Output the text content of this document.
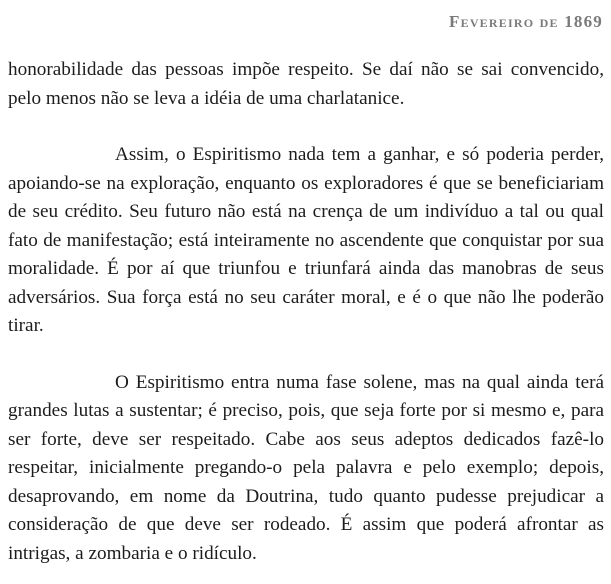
Fevereiro de 1869

honorabilidade das pessoas impõe respeito. Se daí não se sai convencido, pelo menos não se leva a idéia de uma charlatanice.

Assim, o Espiritismo nada tem a ganhar, e só poderia perder, apoiando-se na exploração, enquanto os exploradores é que se beneficiariam de seu crédito. Seu futuro não está na crença de um indivíduo a tal ou qual fato de manifestação; está inteiramente no ascendente que conquistar por sua moralidade. É por aí que triunfou e triunfará ainda das manobras de seus adversários. Sua força está no seu caráter moral, e é o que não lhe poderão tirar.

O Espiritismo entra numa fase solene, mas na qual ainda terá grandes lutas a sustentar; é preciso, pois, que seja forte por si mesmo e, para ser forte, deve ser respeitado. Cabe aos seus adeptos dedicados fazê-lo respeitar, inicialmente pregando-o pela palavra e pelo exemplo; depois, desaprovando, em nome da Doutrina, tudo quanto pudesse prejudicar a consideração de que deve ser rodeado. É assim que poderá afrontar as intrigas, a zombaria e o ridículo.
